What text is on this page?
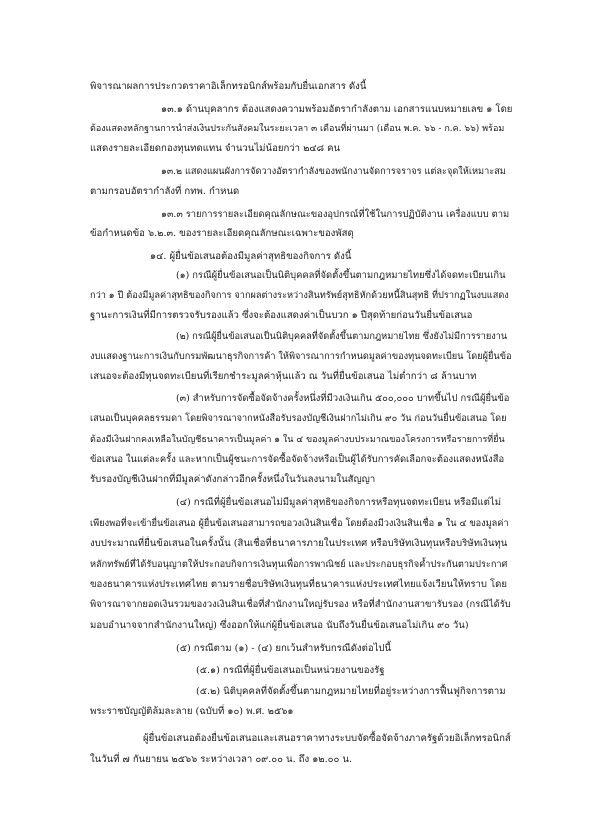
พิจารณาผลการประกวดราคาอิเล็กทรอนิกส์พร้อมกับยื่นเอกสาร ดังนี้
๑๓.๑ ด้านบุคลากร ต้องแสดงความพร้อมอัตรากำลังตาม เอกสารแนบหมายเลข ๑ โดย
ต้องแสดงหลักฐานการนำส่งเงินประกันสังคมในระยะเวลา ๓ เดือนที่ผ่านมา (เดือน พ.ค. ๖๖ - ก.ค. ๖๖) พร้อม
แสดงรายละเอียดกองทุนทดแทน จำนวนไม่น้อยกว่า ๒๔๘ คน
๑๓.๒ แสดงแผนผังการจัดวางอัตรากำลังของพนักงานจัดการจราจร แต่ละจุดให้เหมาะสม
ตามกรอบอัตรากำลังที่ กทพ. กำหนด
๑๓.๓ รายการรายละเอียดคุณลักษณะของอุปกรณ์ที่ใช้ในการปฏิบัติงาน เครื่องแบบ ตาม
ข้อกำหนดข้อ ๖.๒.๓. ของรายละเอียดคุณลักษณะเฉพาะของพัสดุ
๑๔. ผู้ยื่นข้อเสนอต้องมีมูลค่าสุทธิของกิจการ ดังนี้
(๑) กรณีผู้ยื่นข้อเสนอเป็นนิติบุคคลที่จัดตั้งขึ้นตามกฎหมายไทยซึ่งได้จดทะเบียนเกิน
กว่า ๑ ปี ต้องมีมูลค่าสุทธิของกิจการ จากผลต่างระหว่างสินทรัพย์สุทธิหักด้วยหนี้สินสุทธิ ที่ปรากฏในงบแสดง
ฐานะการเงินที่มีการตรวจรับรองแล้ว ซึ่งจะต้องแสดงค่าเป็นบวก ๑ ปีสุดท้ายก่อนวันยื่นข้อเสนอ
(๒) กรณีผู้ยื่นข้อเสนอเป็นนิติบุคคลที่จัดตั้งขึ้นตามกฎหมายไทย ซึ่งยังไม่มีการรายงาน
งบแสดงฐานะการเงินกับกรมพัฒนาธุรกิจการค้า ให้พิจารณาการกำหนดมูลค่าของทุนจดทะเบียน โดยผู้ยื่นข้อ
เสนอจะต้องมีทุนจดทะเบียนที่เรียกชำระมูลค่าหุ้นแล้ว ณ วันที่ยื่นข้อเสนอ ไม่ต่ำกว่า ๘ ล้านบาท
(๓) สำหรับการจัดซื้อจัดจ้างครั้งหนึ่งที่มีวงเงินเกิน ๕๐๐,๐๐๐ บาทขึ้นไป กรณีผู้ยื่นข้อ
เสนอเป็นบุคคลธรรมดา โดยพิจารณาจากหนังสือรับรองบัญชีเงินฝากไม่เกิน ๙๐ วัน ก่อนวันยื่นข้อเสนอ โดย
ต้องมีเงินฝากคงเหลือในบัญชีธนาคารเป็นมูลค่า ๑ ใน ๔ ของมูลค่างบประมาณของโครงการหรือรายการที่ยื่น
ข้อเสนอ ในแต่ละครั้ง และหากเป็นผู้ชนะการจัดซื้อจัดจ้างหรือเป็นผู้ได้รับการคัดเลือกจะต้องแสดงหนังสือ
รับรองบัญชีเงินฝากที่มีมูลค่าดังกล่าวอีกครั้งหนึ่งในวันลงนามในสัญญา
(๔) กรณีที่ผู้ยื่นข้อเสนอไม่มีมูลค่าสุทธิของกิจการหรือทุนจดทะเบียน หรือมีแต่ไม่
เพียงพอที่จะเข้ายื่นข้อเสนอ ผู้ยื่นข้อเสนอสามารถขอวงเงินสินเชื่อ โดยต้องมีวงเงินสินเชื่อ ๑ ใน ๔ ของมูลค่า
งบประมาณที่ยื่นข้อเสนอในครั้งนั้น (สินเชื่อที่ธนาคารภายในประเทศ หรือบริษัทเงินทุนหรือบริษัทเงินทุน
หลักทรัพย์ที่ได้รับอนุญาตให้ประกอบกิจการเงินทุนเพื่อการพาณิชย์ และประกอบธุรกิจค้ำประกันตามประกาศ
ของธนาคารแห่งประเทศไทย ตามรายชื่อบริษัทเงินทุนที่ธนาคารแห่งประเทศไทยแจ้งเวียนให้ทราบ โดย
พิจารณาจากยอดเงินรวมของวงเงินสินเชื่อที่สำนักงานใหญ่รับรอง หรือที่สำนักงานสาขารับรอง (กรณีได้รับ
มอบอำนาจจากสำนักงานใหญ่) ซึ่งออกให้แก่ผู้ยื่นข้อเสนอ นับถึงวันยื่นข้อเสนอไม่เกิน ๙๐ วัน)
(๕) กรณีตาม (๑) - (๔) ยกเว้นสำหรับกรณีดังต่อไปนี้
(๕.๑) กรณีที่ผู้ยื่นข้อเสนอเป็นหน่วยงานของรัฐ
(๕.๒) นิติบุคคลที่จัดตั้งขึ้นตามกฎหมายไทยที่อยู่ระหว่างการฟื้นฟูกิจการตาม
พระราชบัญญัติล้มละลาย (ฉบับที่ ๑๐) พ.ศ. ๒๕๖๑
ผู้ยื่นข้อเสนอต้องยื่นข้อเสนอและเสนอราคาทางระบบจัดซื้อจัดจ้างภาครัฐด้วยอิเล็กทรอนิกส์
ในวันที่ ๗ กันยายน ๒๕๖๖ ระหว่างเวลา ๐๙.๐๐ น. ถึง ๑๒.๐๐ น.
